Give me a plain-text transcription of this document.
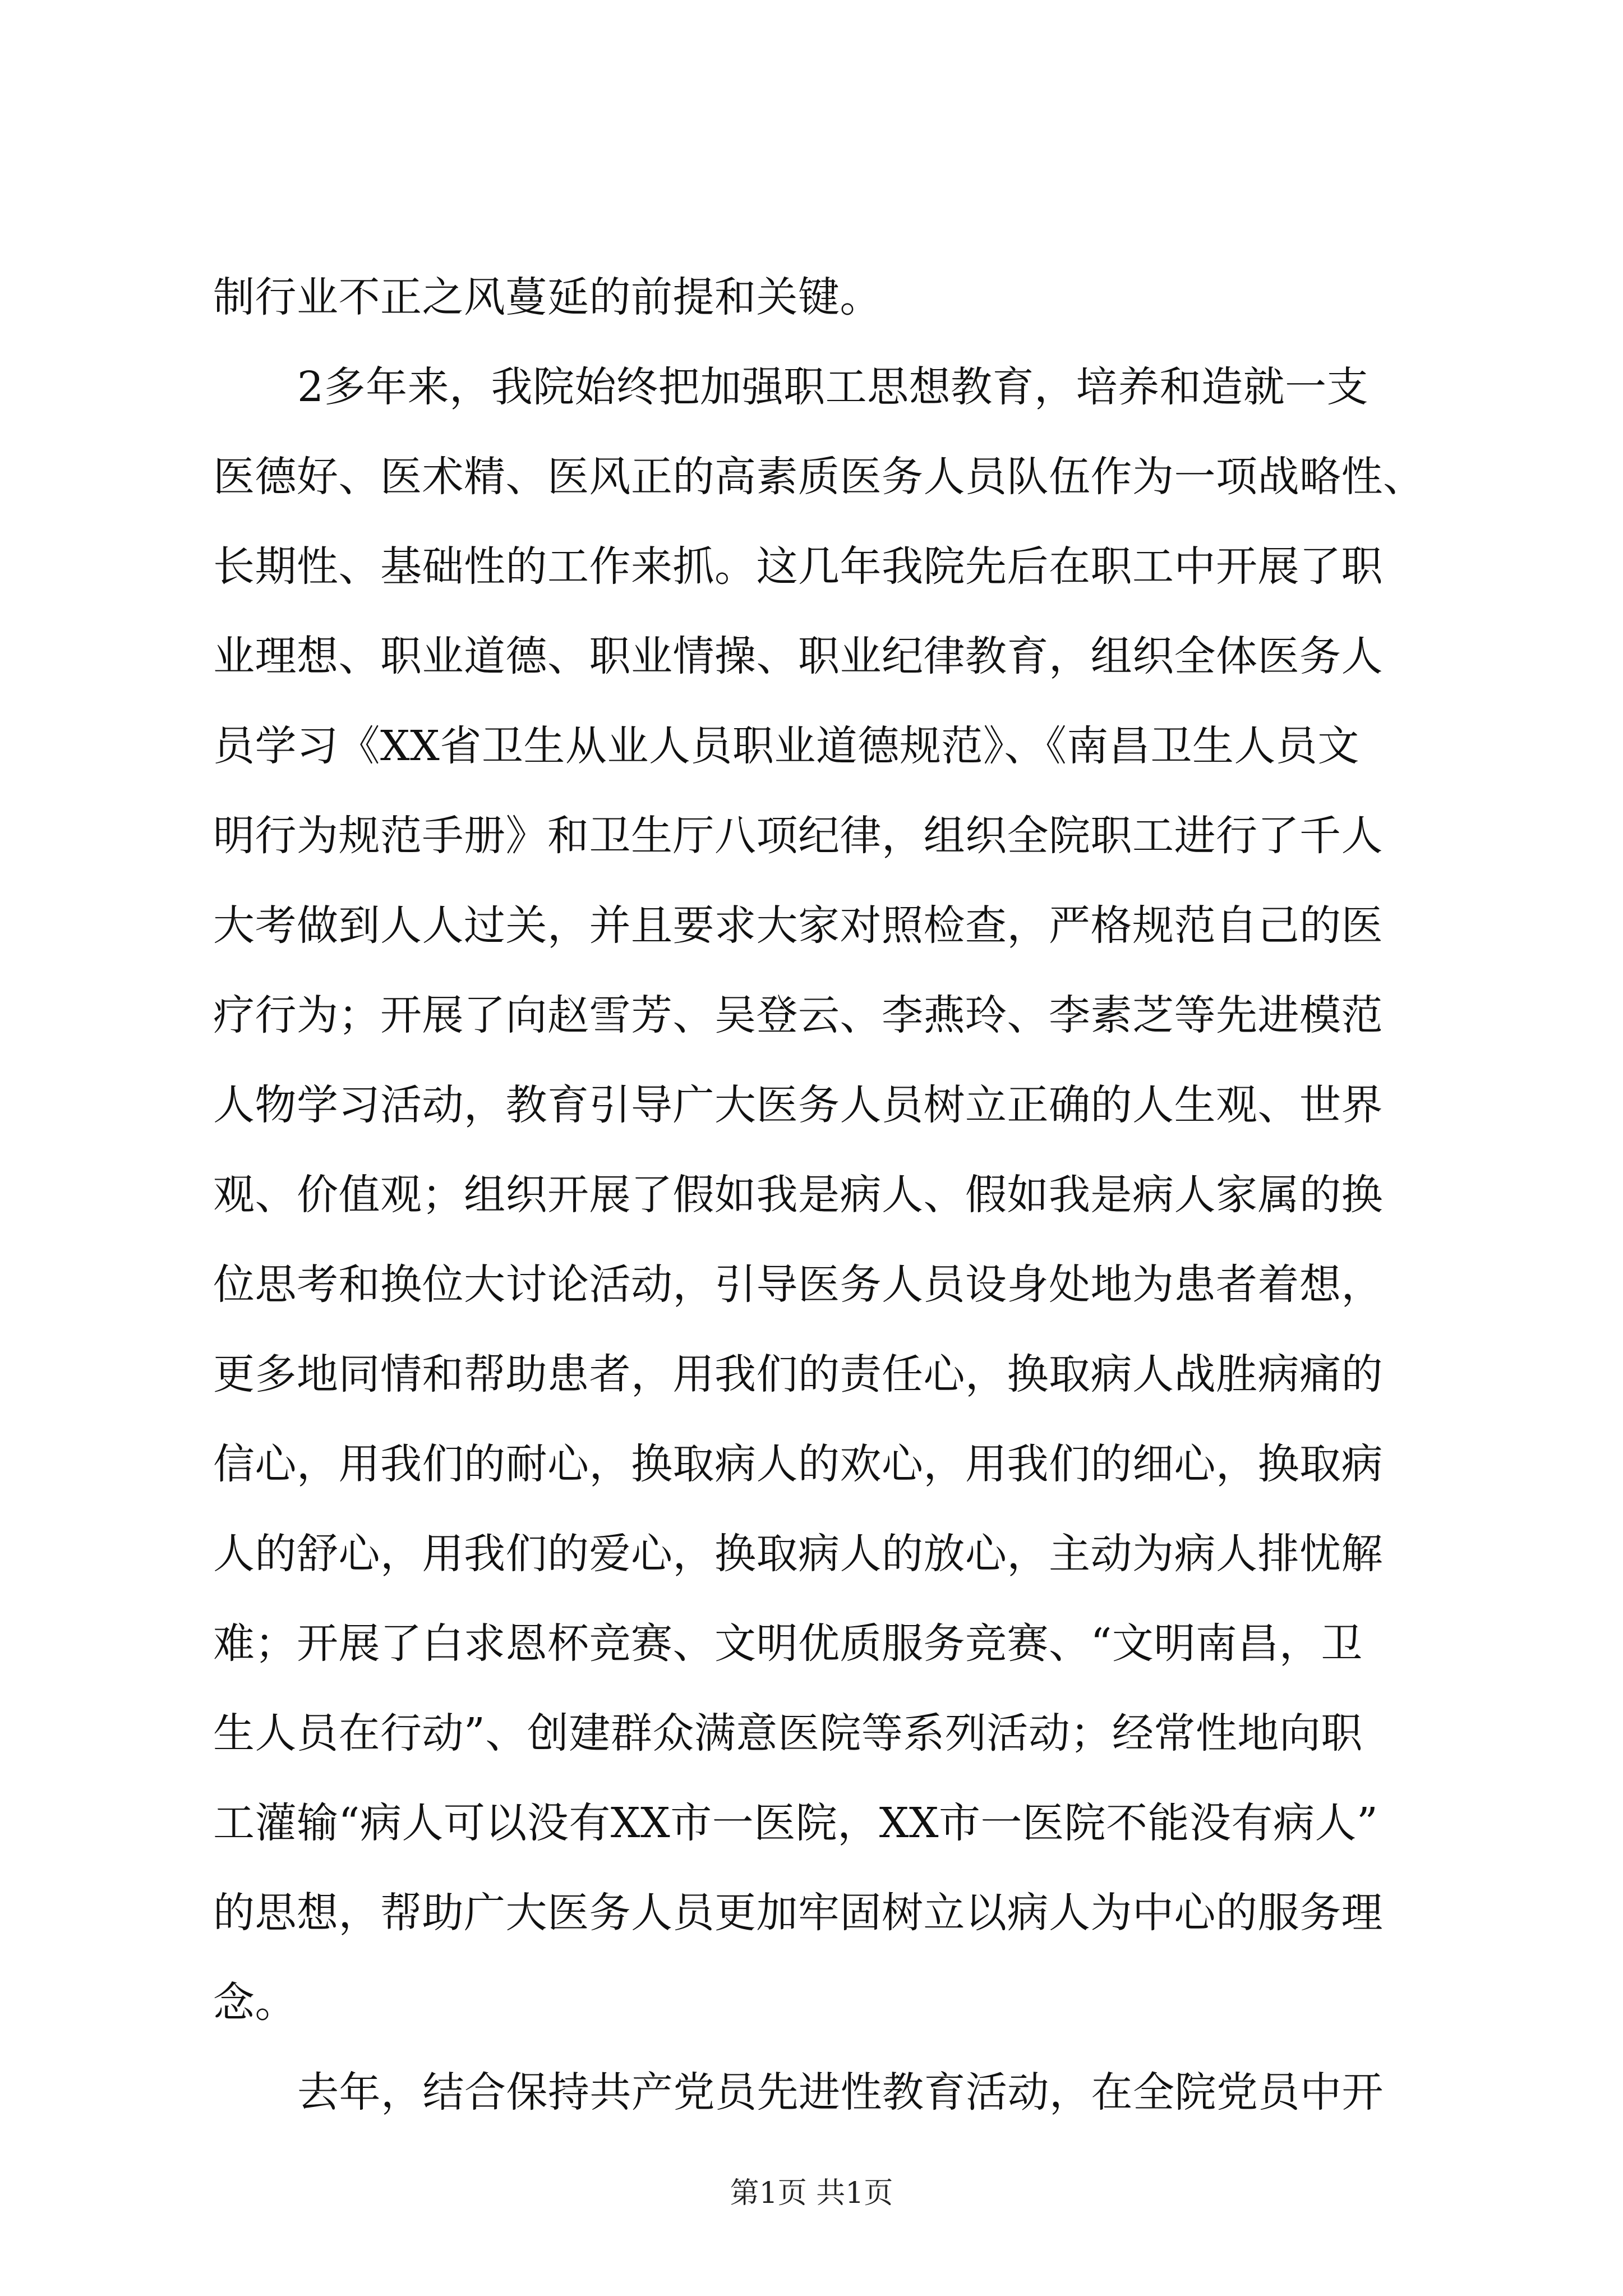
制行业不正之风蔓延的前提和关键。
2多年来，我院始终把加强职工思想教育，培养和造就一支
医德好、医术精、医风正的高素质医务人员队伍作为一项战略性、
长期性、基础性的工作来抓。这几年我院先后在职工中开展了职
业理想、职业道德、职业情操、职业纪律教育，组织全体医务人
员学习《XX省卫生从业人员职业道德规范》、《南昌卫生人员文
明行为规范手册》和卫生厅八项纪律，组织全院职工进行了千人
大考做到人人过关，并且要求大家对照检查，严格规范自己的医
疗行为；开展了向赵雪芳、吴登云、李燕玲、李素芝等先进模范
人物学习活动，教育引导广大医务人员树立正确的人生观、世界
观、价值观；组织开展了假如我是病人、假如我是病人家属的换
位思考和换位大讨论活动，引导医务人员设身处地为患者着想，
更多地同情和帮助患者，用我们的责任心，换取病人战胜病痛的
信心，用我们的耐心，换取病人的欢心，用我们的细心，换取病
人的舒心，用我们的爱心，换取病人的放心，主动为病人排忧解
难；开展了白求恩杯竞赛、文明优质服务竞赛、“文明南昌，卫
生人员在行动”、创建群众满意医院等系列活动；经常性地向职
工灌输“病人可以没有XX市一医院，XX市一医院不能没有病人”
的思想，帮助广大医务人员更加牢固树立以病人为中心的服务理
念。
去年，结合保持共产党员先进性教育活动，在全院党员中开
第1页 共1页
